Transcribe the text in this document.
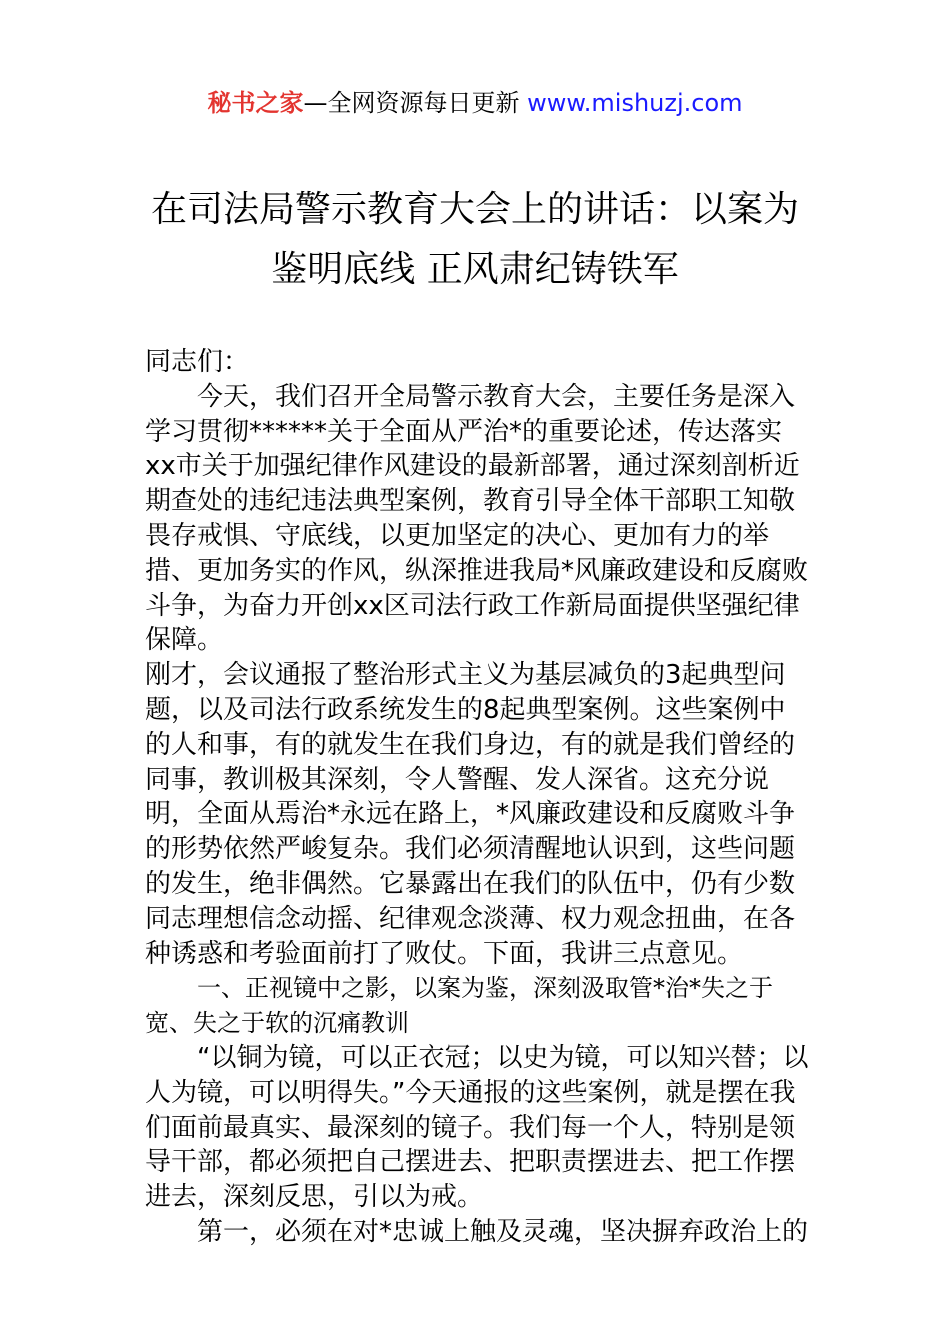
秘书之家—全网资源每日更新 www.mishuzj.com
在司法局警示教育大会上的讲话：以案为
鉴明底线 正风肃纪铸铁军

同志们：

今天，我们召开全局警示教育大会，主要任务是深入学习贯彻******关于全面从严治*的重要论述，传达落实xx市关于加强纪律作风建设的最新部署，通过深刻剖析近期查处的违纪违法典型案例，教育引导全体干部职工知敬畏存戒惧、守底线，以更加坚定的决心、更加有力的举措、更加务实的作风，纵深推进我局*风廉政建设和反腐败斗争，为奋力开创xx区司法行政工作新局面提供坚强纪律保障。

刚才，会议通报了整治形式主义为基层减负的3起典型问题，以及司法行政系统发生的8起典型案例。这些案例中的人和事，有的就发生在我们身边，有的就是我们曾经的同事，教训极其深刻，令人警醒、发人深省。这充分说明，全面从焉治*永远在路上，*风廉政建设和反腐败斗争的形势依然严峻复杂。我们必须清醒地认识到，这些问题的发生，绝非偶然。它暴露出在我们的队伍中，仍有少数同志理想信念动摇、纪律观念淡薄、权力观念扭曲，在各种诱惑和考验面前打了败仗。下面，我讲三点意见。

一、正视镜中之影，以案为鉴，深刻汲取管*治*失之于宽、失之于软的沉痛教训

“以铜为镜，可以正衣冠；以史为镜，可以知兴替；以人为镜，可以明得失。”今天通报的这些案例，就是摆在我们面前最真实、最深刻的镜子。我们每一个人，特别是领导干部，都必须把自己摆进去、把职责摆进去、把工作摆进去，深刻反思，引以为戒。

第一，必须在对*忠诚上触及灵魂，坚决摒弃政治上的
